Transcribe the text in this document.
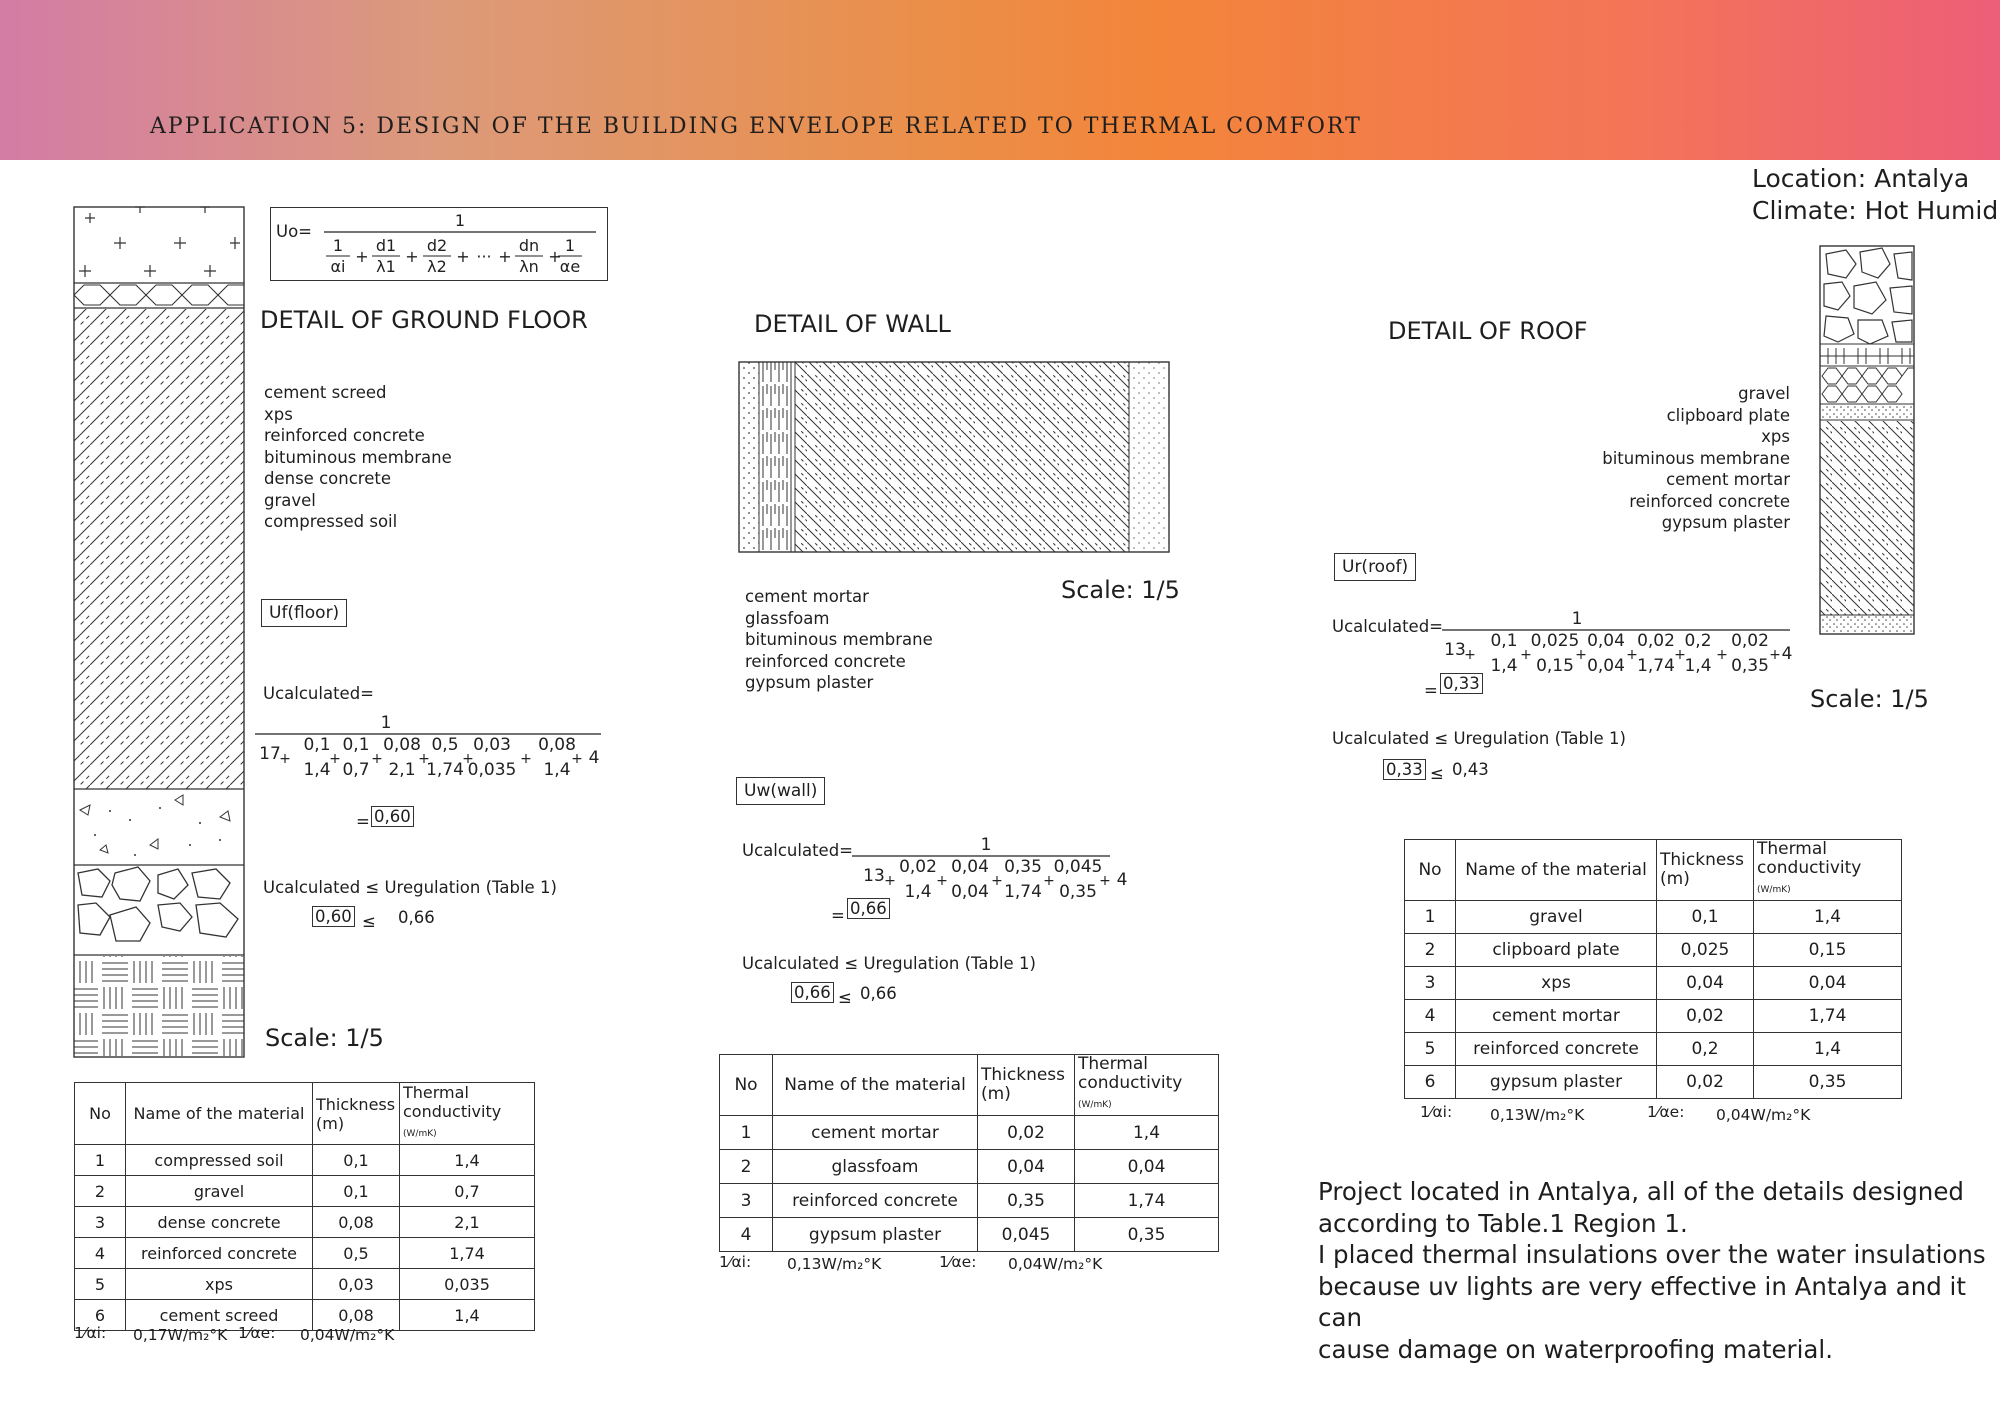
APPLICATION 5: DESIGN OF THE BUILDING ENVELOPE RELATED TO THERMAL COMFORT
Location: Antalya
Climate: Hot Humid
Uo=
1
1
αi
+
d1
λ1
+
d2
λ2
+ ··· +
dn
λn
+
1
αe
DETAIL OF GROUND FLOOR
cement screed
xps
reinforced concrete
bituminous membrane
dense concrete
gravel
compressed soil
Uf(floor)
Ucalculated=
1
17
+
0,1
1,4
+
0,1
0,7
+
0,08
2,1
+
0,5
1,74
+
0,03
0,035
+
0,08
1,4
+ 4
= 0,60
Ucalculated ≤ Uregulation (Table 1)
0,60 ≤ 0,66
Scale: 1/5
No	Name of the material	Thickness (m)	Thermal conductivity (W/mK)
1	compressed soil	0,1	1,4
2	gravel	0,1	0,7
3	dense concrete	0,08	2,1
4	reinforced concrete	0,5	1,74
5	xps	0,03	0,035
6	cement screed	0,08	1,4
1⁄αi: 0,17W/m₂°K 1⁄αe: 0,04W/m₂°K
DETAIL OF WALL
cement mortar
glassfoam
bituminous membrane
reinforced concrete
gypsum plaster
Scale: 1/5
Uw(wall)
Ucalculated=	1
13 +
0,02
1,4
+
0,04
0,04
+
0,35
1,74
+
0,045
0,35
+ 4
= 0,66
Ucalculated ≤ Uregulation (Table 1)
0,66 ≤ 0,66
No	Name of the material	Thickness (m)	Thermal conductivity (W/mK)
1	cement mortar	0,02	1,4
2	glassfoam	0,04	0,04
3	reinforced concrete	0,35	1,74
4	gypsum plaster	0,045	0,35
1⁄αi: 0,13W/m₂°K	1⁄αe: 0,04W/m₂°K
DETAIL OF ROOF
gravel
clipboard plate
xps
bituminous membrane
cement mortar
reinforced concrete
gypsum plaster
Ur(roof)
Ucalculated=	1
13
+
0,1
1,4
+
0,025
0,15
+
0,04
0,04
+
0,02
1,74
+
0,2
1,4
+
0,02
0,35
+ 4
= 0,33
Scale: 1/5
Ucalculated ≤ Uregulation (Table 1)
0,33 ≤ 0,43
No	Name of the material	Thickness (m)	Thermal conductivity (W/mK)
1	gravel	0,1	1,4
2	clipboard plate	0,025	0,15
3	xps	0,04	0,04
4	cement mortar	0,02	1,74
5	reinforced concrete	0,2	1,4
6	gypsum plaster	0,02	0,35
1⁄αi: 0,13W/m₂°K	1⁄αe: 0,04W/m₂°K
Project located in Antalya, all of the details designed
according to Table.1 Region 1.
I placed thermal insulations over the water insulations
because uv lights are very effective in Antalya and it can
cause damage on waterproofing material.
